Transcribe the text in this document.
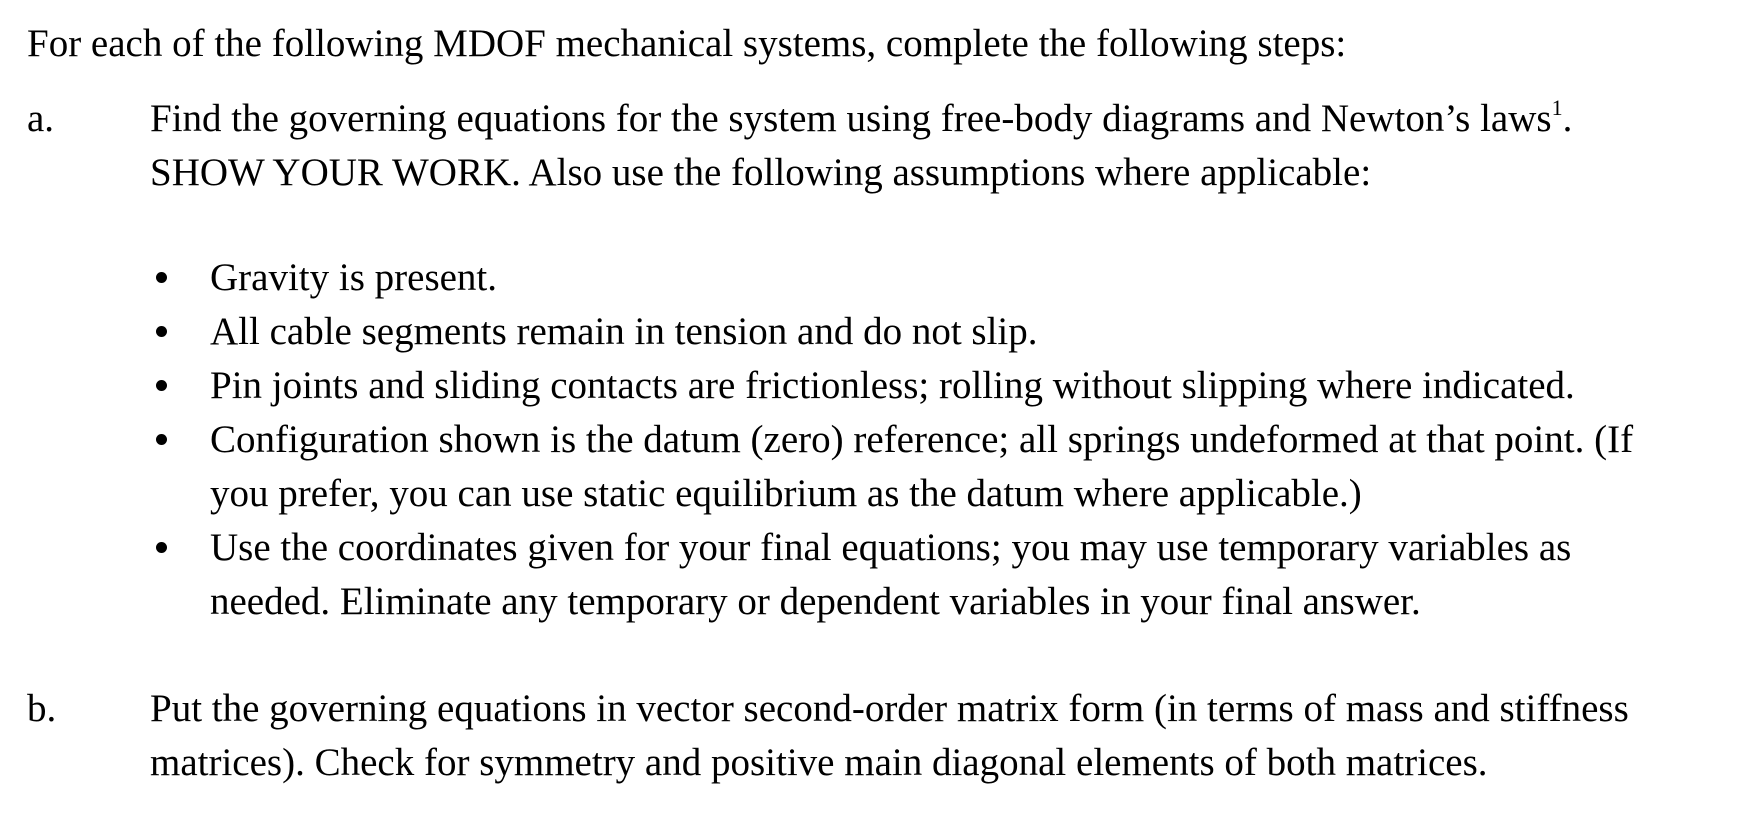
For each of the following MDOF mechanical systems, complete the following steps:
a. Find the governing equations for the system using free-body diagrams and Newton’s laws$^1$.
SHOW YOUR WORK. Also use the following assumptions where applicable:
Gravity is present.
All cable segments remain in tension and do not slip.
Pin joints and sliding contacts are frictionless; rolling without slipping where indicated.
Configuration shown is the datum (zero) reference; all springs undeformed at that point. (If
you prefer, you can use static equilibrium as the datum where applicable.)
Use the coordinates given for your final equations; you may use temporary variables as
needed. Eliminate any temporary or dependent variables in your final answer.
b. Put the governing equations in vector second-order matrix form (in terms of mass and stiffness
matrices). Check for symmetry and positive main diagonal elements of both matrices.
